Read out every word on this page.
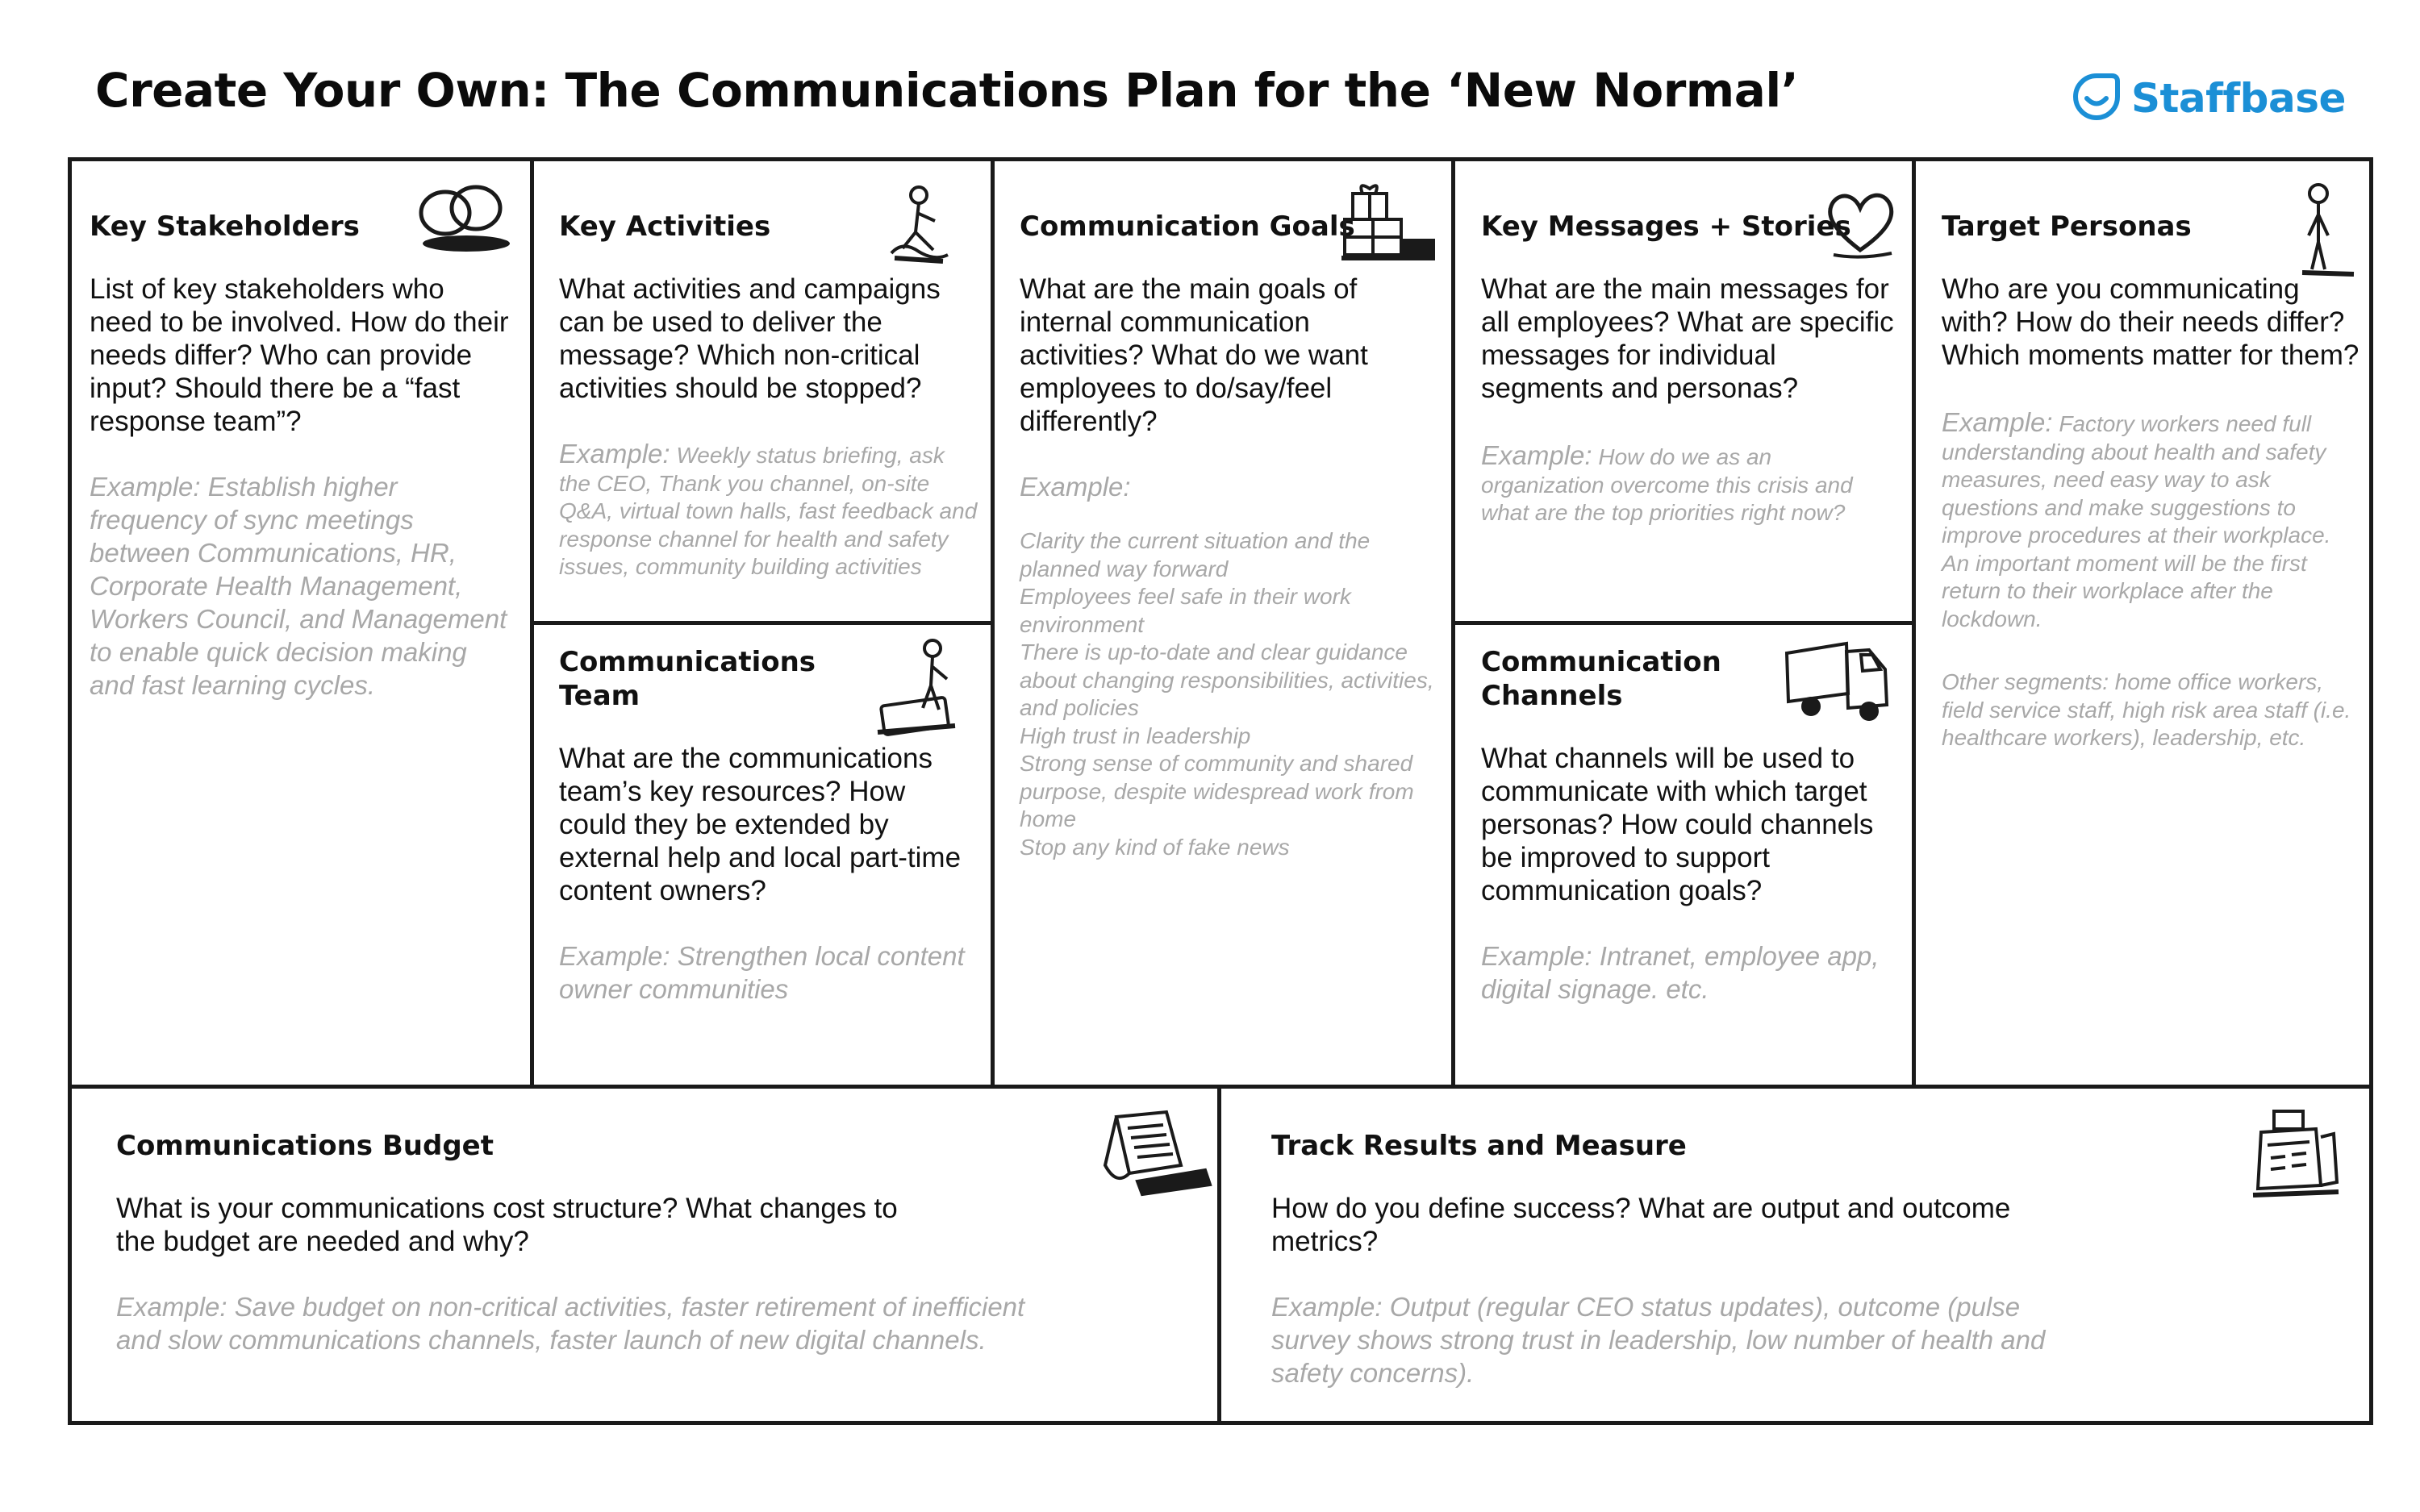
Create Your Own: The Communications Plan for the ‘New Normal’	Staffbase
Key Stakeholders

List of key stakeholders who need to be involved. How do their needs differ? Who can provide input? Should there be a “fast response team”?

Example: Establish higher frequency of sync meetings between Communications, HR, Corporate Health Management, Workers Council, and Management to enable quick decision making and fast learning cycles.

Key Activities

What activities and campaigns can be used to deliver the message? Which non-critical activities should be stopped?

Example: Weekly status briefing, ask the CEO, Thank you channel, on-site Q&A, virtual town halls, fast feedback and response channel for health and safety issues, community building activities

Communications Team

What are the communications team’s key resources? How could they be extended by external help and local part-time content owners?

Example: Strengthen local content owner communities

Communication Goals

What are the main goals of internal communication activities? What do we want employees to do/say/feel differently?

Example:

Clarity the current situation and the planned way forward

Employees feel safe in their work environment

There is up-to-date and clear guidance about changing responsibilities, activities, and policies

High trust in leadership

Strong sense of community and shared purpose, despite widespread work from home

Stop any kind of fake news

Key Messages + Stories

What are the main messages for all employees? What are specific messages for individual segments and personas?

Example: How do we as an organization overcome this crisis and what are the top priorities right now?

Communication Channels

What channels will be used to communicate with which target personas? How could channels be improved to support communication goals?

Example: Intranet, employee app, digital signage. etc.

Target Personas

Who are you communicating with? How do their needs differ? Which moments matter for them?

Example: Factory workers need full understanding about health and safety measures, need easy way to ask questions and make suggestions to improve procedures at their workplace. An important moment will be the first return to their workplace after the lockdown.

Other segments: home office workers, field service staff, high risk area staff (i.e. healthcare workers), leadership, etc.

Communications Budget

What is your communications cost structure? What changes to the budget are needed and why?

Example: Save budget on non-critical activities, faster retirement of inefficient and slow communications channels, faster launch of new digital channels.

Track Results and Measure

How do you define success? What are output and outcome metrics?

Example: Output (regular CEO status updates), outcome (pulse survey shows strong trust in leadership, low number of health and safety concerns).
